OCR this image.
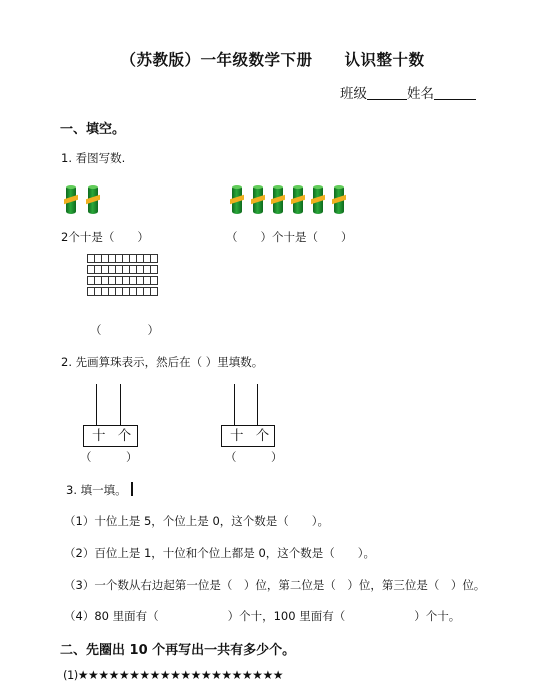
（苏教版）一年级数学下册　　认识整十数
班级	姓名
一、填空。
1. 看图写数.
2个十是（　　）	（　　）个十是（　　）
（　　　　）
2. 先画算珠表示，然后在（ ）里填数。
十 个
（　　　）
十 个
（　　　）
3. 填一填。
（1）十位上是 5，个位上是 0，这个数是（　　）。
（2）百位上是 1，十位和个位上都是 0，这个数是（　　）。
（3）一个数从右边起第一位是（　）位，第二位是（　）位，第三位是（　）位。
（4）80 里面有（　　　　　　）个十，100 里面有（　　　　　　）个十。
二、先圈出 10 个再写出一共有多少个。
(1)★★★★★★★★★★★★★★★★★★★★
